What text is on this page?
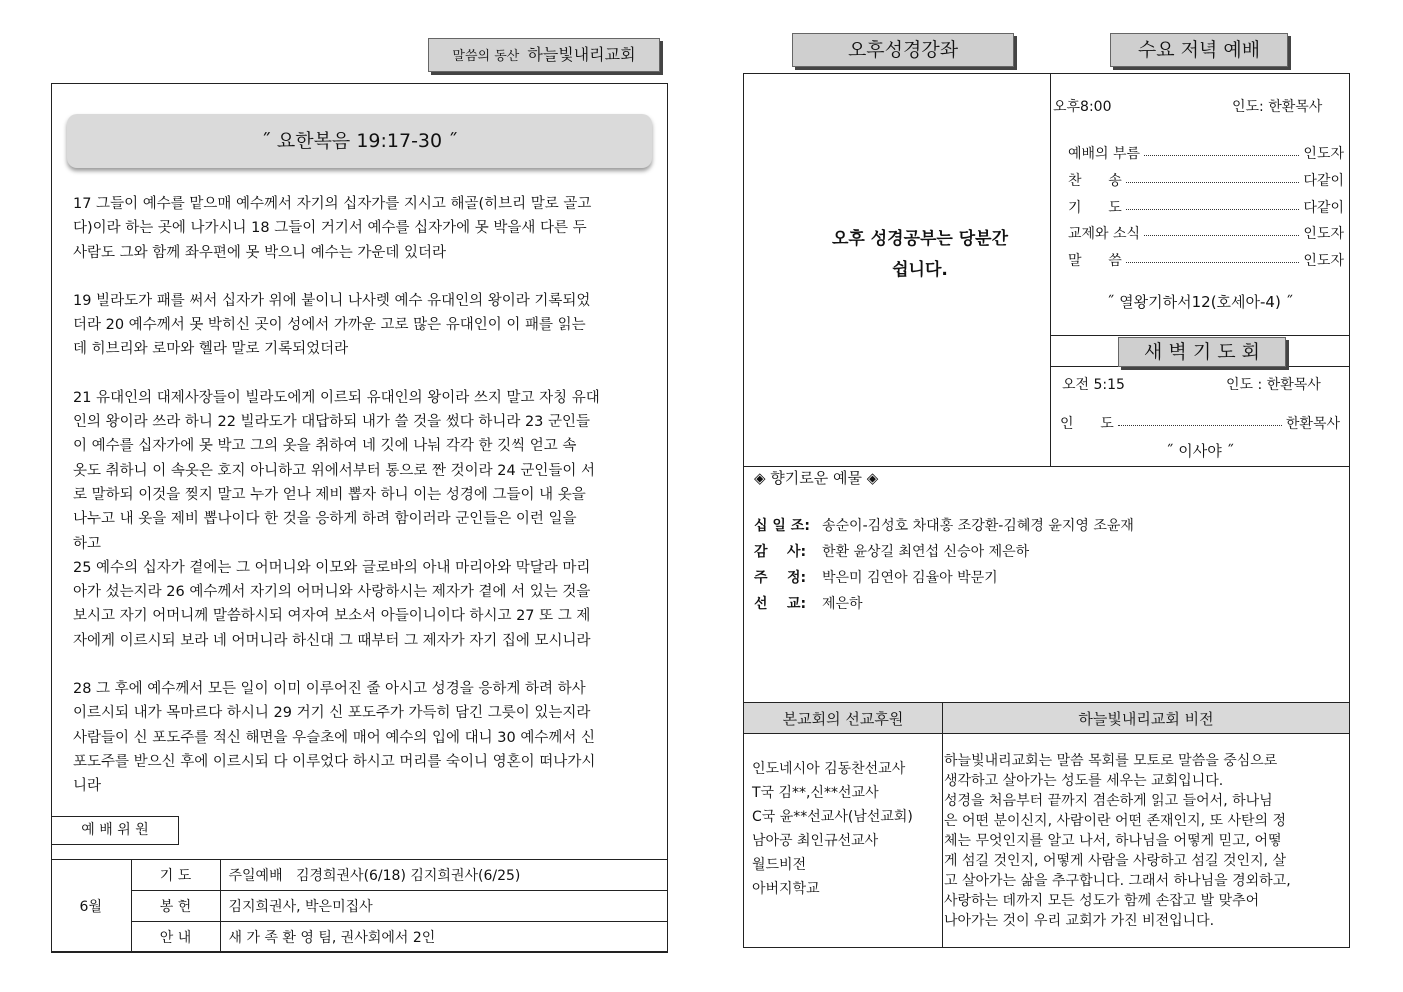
말씀의 동산 하늘빛내리교회
˝ 요한복음 19:17-30 ˝

17 그들이 예수를 맡으매 예수께서 자기의 십자가를 지시고 해골(히브리 말로 골고
다)이라 하는 곳에 나가시니 18 그들이 거기서 예수를 십자가에 못 박을새 다른 두
사람도 그와 함께 좌우편에 못 박으니 예수는 가운데 있더라

19 빌라도가 패를 써서 십자가 위에 붙이니 나사렛 예수 유대인의 왕이라 기록되었
더라 20 예수께서 못 박히신 곳이 성에서 가까운 고로 많은 유대인이 이 패를 읽는
데 히브리와 로마와 헬라 말로 기록되었더라

21 유대인의 대제사장들이 빌라도에게 이르되 유대인의 왕이라 쓰지 말고 자칭 유대
인의 왕이라 쓰라 하니 22 빌라도가 대답하되 내가 쓸 것을 썼다 하니라 23 군인들
이 예수를 십자가에 못 박고 그의 옷을 취하여 네 깃에 나눠 각각 한 깃씩 얻고 속
옷도 취하니 이 속옷은 호지 아니하고 위에서부터 통으로 짠 것이라 24 군인들이 서
로 말하되 이것을 찢지 말고 누가 얻나 제비 뽑자 하니 이는 성경에 그들이 내 옷을
나누고 내 옷을 제비 뽑나이다 한 것을 응하게 하려 함이러라 군인들은 이런 일을
하고

25 예수의 십자가 곁에는 그 어머니와 이모와 글로바의 아내 마리아와 막달라 마리
아가 섰는지라 26 예수께서 자기의 어머니와 사랑하시는 제자가 곁에 서 있는 것을
보시고 자기 어머니께 말씀하시되 여자여 보소서 아들이니이다 하시고 27 또 그 제
자에게 이르시되 보라 네 어머니라 하신대 그 때부터 그 제자가 자기 집에 모시니라

28 그 후에 예수께서 모든 일이 이미 이루어진 줄 아시고 성경을 응하게 하려 하사
이르시되 내가 목마르다 하시니 29 거기 신 포도주가 가득히 담긴 그릇이 있는지라
사람들이 신 포도주를 적신 해면을 우슬초에 매어 예수의 입에 대니 30 예수께서 신
포도주를 받으신 후에 이르시되 다 이루었다 하시고 머리를 숙이니 영혼이 떠나가시
니라

예 배 위 원
6월	기 도	주일예배   김경희권사(6/18) 김지희권사(6/25)
	봉 헌	김지희권사, 박은미집사
	안 내	새 가 족 환 영 팀, 권사회에서 2인
오후성경강좌	수요 저녁 예배
오후 성경공부는 당분간
쉽니다.
오후8:00	인도: 한환목사
예배의 부름	인도자
찬      송	다같이
기      도	다같이
교제와 소식	인도자
말      씀	인도자
˝ 열왕기하서12(호세아-4) ˝
새 벽 기 도 회
오전 5:15	인도 : 한환목사
인      도	한환목사
˝ 이사야 ˝
◈ 향기로운 예물 ◈
십 일 조: 송순이-김성호 차대홍 조강환-김혜경 윤지영 조윤재
감    사:	한환 윤상길 최연섭 신승아 제은하
주    정:	박은미 김연아 김율아 박문기
선    교:	제은하
본교회의 선교후원	하늘빛내리교회 비전
인도네시아 김동찬선교사
T국 김**,신**선교사
C국 윤**선교사(남선교회)
남아공 최인규선교사
월드비전
아버지학교
하늘빛내리교회는 말씀 목회를 모토로 말씀을 중심으로
생각하고 살아가는 성도를 세우는 교회입니다.
성경을 처음부터 끝까지 겸손하게 읽고 들어서, 하나님
은 어떤 분이신지, 사람이란 어떤 존재인지, 또 사탄의 정
체는 무엇인지를 알고 나서, 하나님을 어떻게 믿고, 어떻
게 섬길 것인지, 어떻게 사람을 사랑하고 섬길 것인지, 살
고 살아가는 삶을 추구합니다. 그래서 하나님을 경외하고,
사랑하는 데까지 모든 성도가 함께 손잡고 발 맞추어
나아가는 것이 우리 교회가 가진 비전입니다.
